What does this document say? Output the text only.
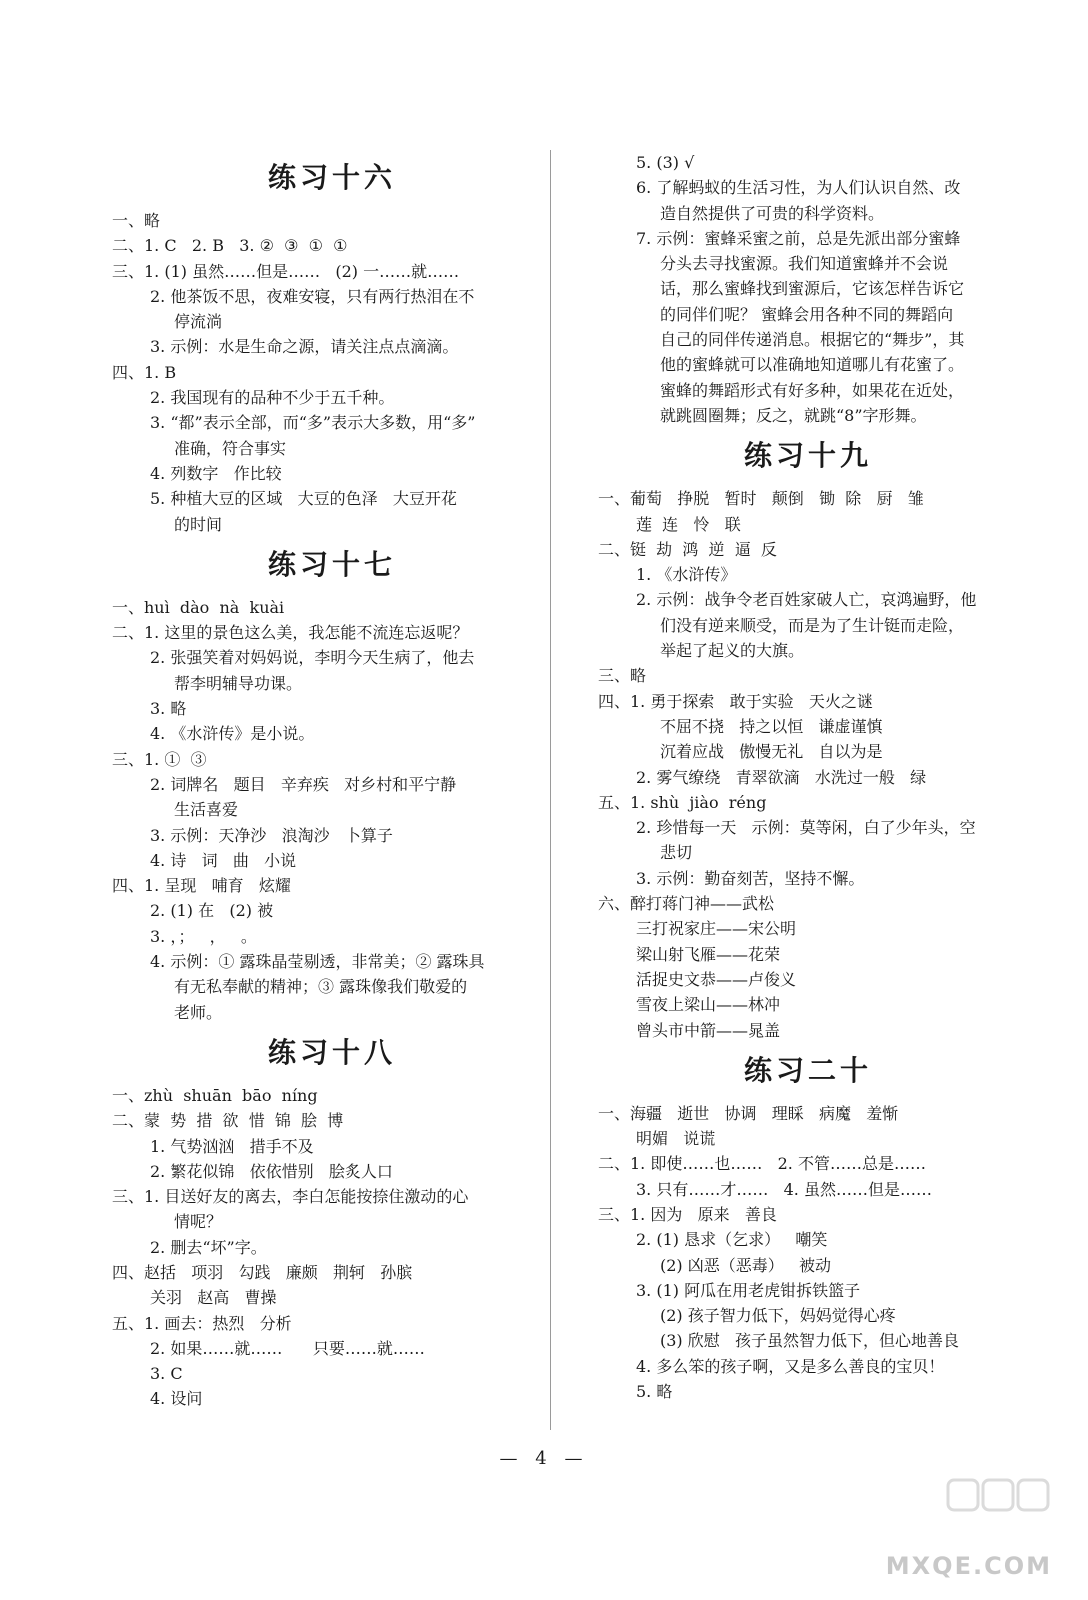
练习十六
一、略
二、1. C   2. B   3. ②  ③  ①  ①
三、1. (1) 虽然……但是……   (2) 一……就……
2. 他茶饭不思，夜难安寝，只有两行热泪在不
停流淌
3. 示例：水是生命之源，请关注点点滴滴。
四、1. B
2. 我国现有的品种不少于五千种。
3. “都”表示全部，而“多”表示大多数，用“多”
准确，符合事实
4. 列数字   作比较
5. 种植大豆的区域   大豆的色泽   大豆开花
的时间
练习十七
一、huì  dào  nà  kuài
二、1. 这里的景色这么美，我怎能不流连忘返呢？
2. 张强笑着对妈妈说，李明今天生病了，他去
帮李明辅导功课。
3. 略
4. 《水浒传》是小说。
三、1. ①  ③
2. 词牌名   题目   辛弃疾   对乡村和平宁静
生活喜爱
3. 示例：天净沙   浪淘沙   卜算子
4. 诗   词   曲   小说
四、1. 呈现   哺育   炫耀
2. (1) 在   (2) 被
3. ，；   ，   。
4. 示例：① 露珠晶莹剔透，非常美；② 露珠具
有无私奉献的精神；③ 露珠像我们敬爱的
老师。
练习十八
一、zhù  shuān  bāo  níng
二、蒙  势  措  欲  惜  锦  脍  博
1. 气势汹汹   措手不及
2. 繁花似锦   依依惜别   脍炙人口
三、1. 目送好友的离去，李白怎能按捺住激动的心
情呢？
2. 删去“坏”字。
四、赵括   项羽   勾践   廉颇   荆轲   孙膑
关羽   赵高   曹操
五、1. 画去：热烈   分析
2. 如果……就……      只要……就……
3. C
4. 设问
5. (3) √
6. 了解蚂蚁的生活习性，为人们认识自然、改
造自然提供了可贵的科学资料。
7. 示例：蜜蜂采蜜之前，总是先派出部分蜜蜂
分头去寻找蜜源。我们知道蜜蜂并不会说
话，那么蜜蜂找到蜜源后，它该怎样告诉它
的同伴们呢？ 蜜蜂会用各种不同的舞蹈向
自己的同伴传递消息。根据它的“舞步”，其
他的蜜蜂就可以准确地知道哪儿有花蜜了。
蜜蜂的舞蹈形式有好多种，如果花在近处，
就跳圆圈舞；反之，就跳“8”字形舞。
练习十九
一、葡萄   挣脱   暂时   颠倒   锄  除   厨   雏
莲  连   怜   联
二、铤  劫  鸿  逆  逼  反
1. 《水浒传》
2. 示例：战争令老百姓家破人亡，哀鸿遍野，他
们没有逆来顺受，而是为了生计铤而走险，
举起了起义的大旗。
三、略
四、1. 勇于探索   敢于实验   天火之谜
不屈不挠   持之以恒   谦虚谨慎
沉着应战   傲慢无礼   自以为是
2. 雾气缭绕   青翠欲滴   水洗过一般   绿
五、1. shù  jiào  réng
2. 珍惜每一天   示例：莫等闲，白了少年头，空
悲切
3. 示例：勤奋刻苦，坚持不懈。
六、醉打蒋门神——武松
三打祝家庄——宋公明
梁山射飞雁——花荣
活捉史文恭——卢俊义
雪夜上梁山——林冲
曾头市中箭——晁盖
练习二十
一、海疆   逝世   协调   理睬   病魔   羞惭
明媚   说谎
二、1. 即使……也……   2. 不管……总是……
3. 只有……才……   4. 虽然……但是……
三、1. 因为   原来   善良
2. (1) 恳求（乞求）   嘲笑
(2) 凶恶（恶毒）   被动
3. (1) 阿瓜在用老虎钳拆铁篮子
(2) 孩子智力低下，妈妈觉得心疼
(3) 欣慰   孩子虽然智力低下，但心地善良
4. 多么笨的孩子啊，又是多么善良的宝贝！
5. 略
— 4 —
MXQE.COM
